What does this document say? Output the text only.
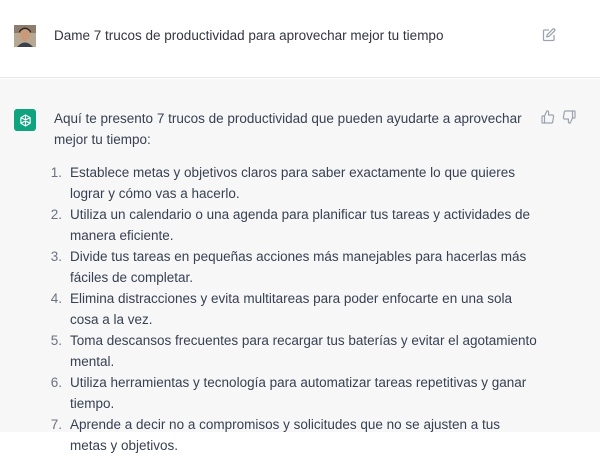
Dame 7 trucos de productividad para aprovechar mejor tu tiempo
Aquí te presento 7 trucos de productividad que pueden ayudarte a aprovechar mejor tu tiempo:
1. Establece metas y objetivos claros para saber exactamente lo que quieres lograr y cómo vas a hacerlo.
2. Utiliza un calendario o una agenda para planificar tus tareas y actividades de manera eficiente.
3. Divide tus tareas en pequeñas acciones más manejables para hacerlas más fáciles de completar.
4. Elimina distracciones y evita multitareas para poder enfocarte en una sola cosa a la vez.
5. Toma descansos frecuentes para recargar tus baterías y evitar el agotamiento mental.
6. Utiliza herramientas y tecnología para automatizar tareas repetitivas y ganar tiempo.
7. Aprende a decir no a compromisos y solicitudes que no se ajusten a tus metas y objetivos.
